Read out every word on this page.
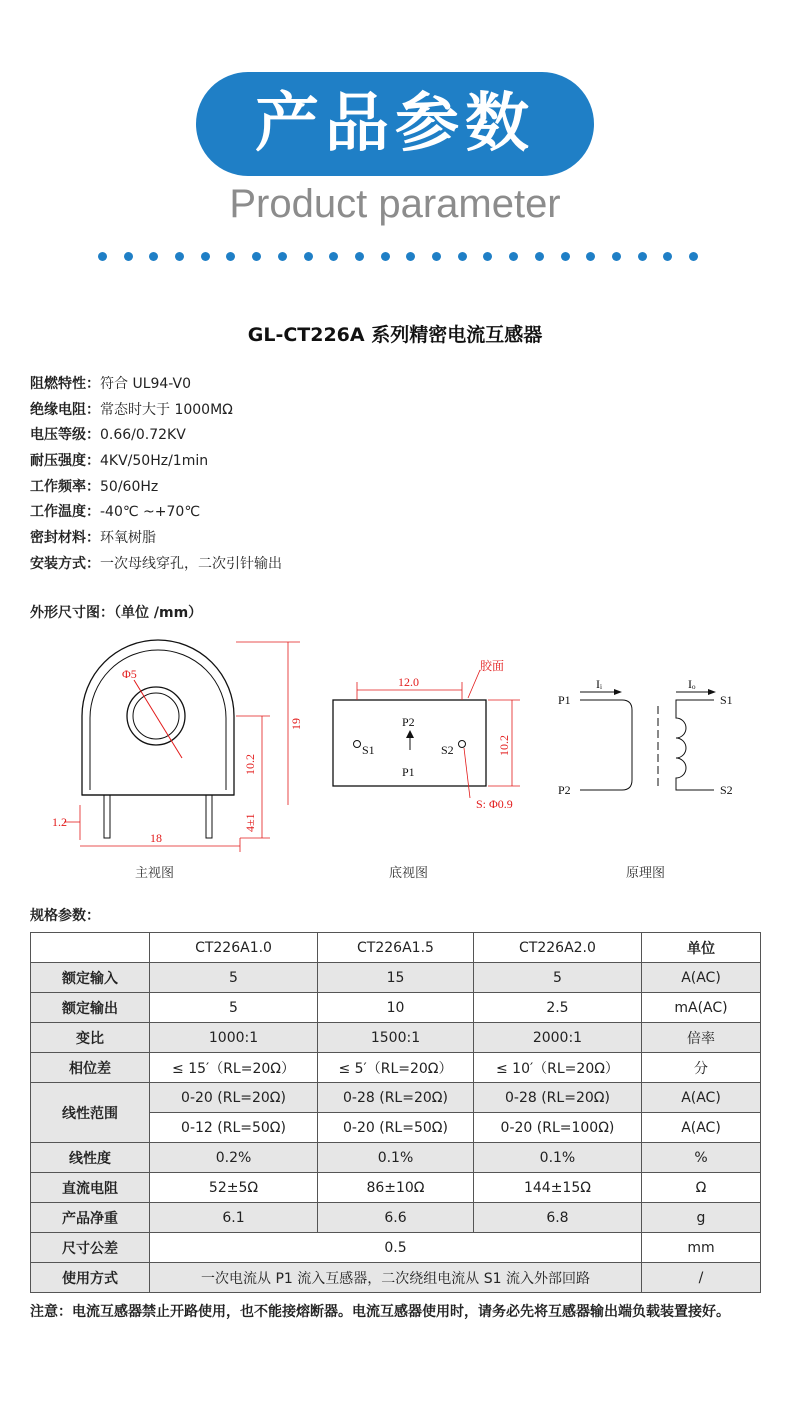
产品参数
Product parameter
GL-CT226A 系列精密电流互感器
阻燃特性：符合 UL94-V0
绝缘电阻：常态时大于 1000MΩ
电压等级：0.66/0.72KV
耐压强度：4KV/50Hz/1min
工作频率：50/60Hz
工作温度：-40℃ ~+70℃
密封材料：环氧树脂
安装方式：一次母线穿孔，二次引针输出
外形尺寸图：（单位 /mm）
Φ5
19
10.2
4±1
1.2
18
P2
P1
S1	S2
12.0
胶面
10.2
S: Φ0.9
P1
P2
S1
S2
Iᵢ	Iₒ
主视图	底视图	原理图
规格参数：
	CT226A1.0	CT226A1.5	CT226A2.0	单位
额定输入	5	15	5	A(AC)
额定输出	5	10	2.5	mA(AC)
变比	1000:1	1500:1	2000:1	倍率
相位差	≤ 15′（RL=20Ω）	≤ 5′（RL=20Ω）	≤ 10′（RL=20Ω）	分
线性范围	0-20 (RL=20Ω)	0-28 (RL=20Ω)	0-28 (RL=20Ω)	A(AC)
	0-12 (RL=50Ω)	0-20 (RL=50Ω)	0-20 (RL=100Ω)	A(AC)
线性度	0.2%	0.1%	0.1%	%
直流电阻	52±5Ω	86±10Ω	144±15Ω	Ω
产品净重	6.1	6.6	6.8	g
尺寸公差	0.5			mm
使用方式	一次电流从 P1 流入互感器，二次绕组电流从 S1 流入外部回路			/
注意：电流互感器禁止开路使用，也不能接熔断器。电流互感器使用时，请务必先将互感器输出端负载装置接好。
